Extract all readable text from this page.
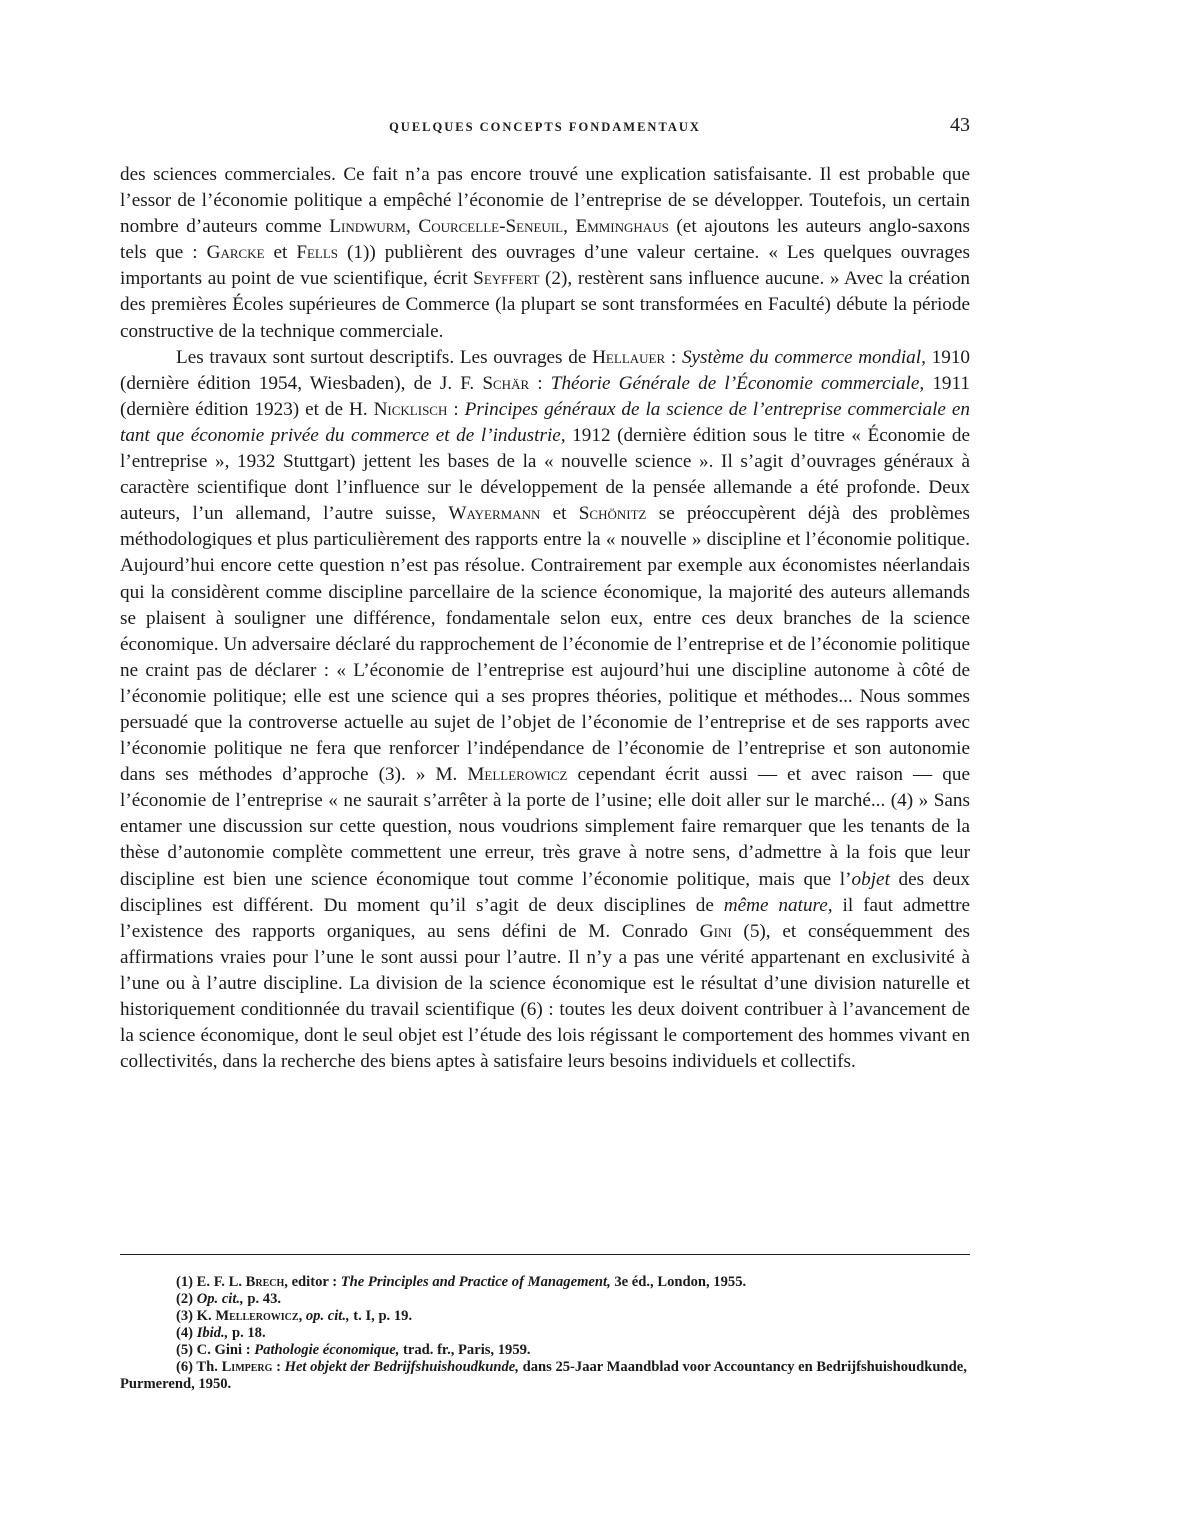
QUELQUES CONCEPTS FONDAMENTAUX	43

des sciences commerciales. Ce fait n’a pas encore trouvé une explication satisfaisante. Il est probable que l’essor de l’économie politique a empêché l’économie de l’entreprise de se développer. Toutefois, un certain nombre d’auteurs comme Lindwurm, Courcelle-Seneuil, Emminghaus (et ajoutons les auteurs anglo-saxons tels que : Garcke et Fells (1)) publièrent des ouvrages d’une valeur certaine. « Les quelques ouvrages importants au point de vue scientifique, écrit Seyffert (2), restèrent sans influence aucune. » Avec la création des premières Écoles supérieures de Commerce (la plupart se sont transformées en Faculté) débute la période constructive de la technique commerciale.

Les travaux sont surtout descriptifs. Les ouvrages de Hellauer : Système du commerce mondial, 1910 (dernière édition 1954, Wiesbaden), de J. F. Schär : Théorie Générale de l’Économie commerciale, 1911 (dernière édition 1923) et de H. Nicklisch : Principes généraux de la science de l’entreprise commerciale en tant que économie privée du commerce et de l’industrie, 1912 (dernière édition sous le titre « Économie de l’entreprise », 1932 Stuttgart) jettent les bases de la « nouvelle science ». Il s’agit d’ouvrages généraux à caractère scientifique dont l’influence sur le développement de la pensée allemande a été profonde. Deux auteurs, l’un allemand, l’autre suisse, Wayermann et Schönitz se préoccupèrent déjà des problèmes méthodologiques et plus particulièrement des rapports entre la « nouvelle » discipline et l’économie politique. Aujourd’hui encore cette question n’est pas résolue. Contrairement par exemple aux économistes néerlandais qui la considèrent comme discipline parcellaire de la science économique, la majorité des auteurs allemands se plaisent à souligner une différence, fondamentale selon eux, entre ces deux branches de la science économique. Un adversaire déclaré du rapprochement de l’économie de l’entreprise et de l’économie politique ne craint pas de déclarer : « L’économie de l’entreprise est aujourd’hui une discipline autonome à côté de l’économie politique; elle est une science qui a ses propres théories, politique et méthodes... Nous sommes persuadé que la controverse actuelle au sujet de l’objet de l’économie de l’entreprise et de ses rapports avec l’économie politique ne fera que renforcer l’indépendance de l’économie de l’entreprise et son autonomie dans ses méthodes d’approche (3). » M. Mellerowicz cependant écrit aussi — et avec raison — que l’économie de l’entreprise « ne saurait s’arrêter à la porte de l’usine; elle doit aller sur le marché... (4) » Sans entamer une discussion sur cette question, nous voudrions simplement faire remarquer que les tenants de la thèse d’autonomie complète commettent une erreur, très grave à notre sens, d’admettre à la fois que leur discipline est bien une science économique tout comme l’économie politique, mais que l’objet des deux disciplines est différent. Du moment qu’il s’agit de deux disciplines de même nature, il faut admettre l’existence des rapports organiques, au sens défini de M. Conrado Gini (5), et conséquemment des affirmations vraies pour l’une le sont aussi pour l’autre. Il n’y a pas une vérité appartenant en exclusivité à l’une ou à l’autre discipline. La division de la science économique est le résultat d’une division naturelle et historiquement conditionnée du travail scientifique (6) : toutes les deux doivent contribuer à l’avancement de la science économique, dont le seul objet est l’étude des lois régissant le comportement des hommes vivant en collectivités, dans la recherche des biens aptes à satisfaire leurs besoins individuels et collectifs.

(1) E. F. L. Brech, editor : The Principles and Practice of Management, 3e éd., London, 1955.

(2) Op. cit., p. 43.

(3) K. Mellerowicz, op. cit., t. I, p. 19.

(4) Ibid., p. 18.

(5) C. Gini : Pathologie économique, trad. fr., Paris, 1959.

(6) Th. Limperg : Het objekt der Bedrijfshuishoudkunde, dans 25-Jaar Maandblad voor Accountancy en Bedrijfshuishoudkunde, Purmerend, 1950.
